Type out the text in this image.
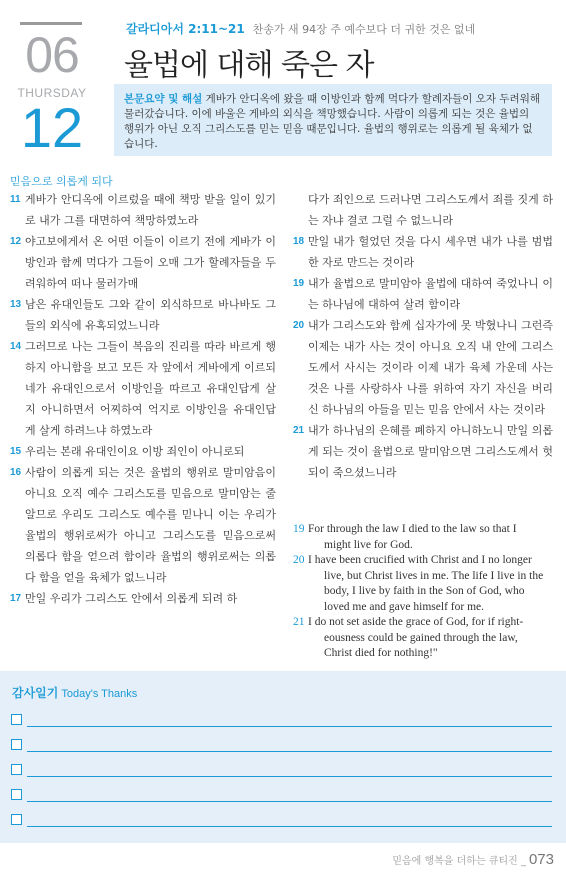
06
THURSDAY
12
갈라디아서 2:11~21 찬송가 새 94장 주 예수보다 더 귀한 것은 없네
율법에 대해 죽은 자
본문요약 및 해설 게바가 안디옥에 왔을 때 이방인과 함께 먹다가 할례자들이 오자 두려워해 물러갔습니다. 이에 바울은 게바의 외식을 책망했습니다. 사람이 의롭게 되는 것은 율법의 행위가 아닌 오직 그리스도를 믿는 믿음 때문입니다. 율법의 행위로는 의롭게 될 육체가 없습니다.
믿음으로 의롭게 되다
11 게바가 안디옥에 이르렀을 때에 책망 받을 일이 있기로 내가 그를 대면하여 책망하였노라
12 야고보에게서 온 어떤 이들이 이르기 전에 게바가 이방인과 함께 먹다가 그들이 오매 그가 할례자들을 두려워하여 떠나 물러가매
13 남은 유대인들도 그와 같이 외식하므로 바나바도 그들의 외식에 유혹되었느니라
14 그러므로 나는 그들이 복음의 진리를 따라 바르게 행하지 아니함을 보고 모든 자 앞에서 게바에게 이르되 네가 유대인으로서 이방인을 따르고 유대인답게 살지 아니하면서 어찌하여 억지로 이방인을 유대인답게 살게 하려느냐 하였노라
15 우리는 본래 유대인이요 이방 죄인이 아니로되
16 사람이 의롭게 되는 것은 율법의 행위로 말미암음이 아니요 오직 예수 그리스도를 믿음으로 말미암는 줄 알므로 우리도 그리스도 예수를 믿나니 이는 우리가 율법의 행위로써가 아니고 그리스도를 믿음으로써 의롭다 함을 얻으려 함이라 율법의 행위로써는 의롭다 함을 얻을 육체가 없느니라
17 만일 우리가 그리스도 안에서 의롭게 되려 하
다가 죄인으로 드러나면 그리스도께서 죄를 짓게 하는 자냐 결코 그럴 수 없느니라
18 만일 내가 헐었던 것을 다시 세우면 내가 나를 범법한 자로 만드는 것이라
19 내가 율법으로 말미암아 율법에 대하여 죽었나니 이는 하나님에 대하여 살려 함이라
20 내가 그리스도와 함께 십자가에 못 박혔나니 그런즉 이제는 내가 사는 것이 아니요 오직 내 안에 그리스도께서 사시는 것이라 이제 내가 육체 가운데 사는 것은 나를 사랑하사 나를 위하여 자기 자신을 버리신 하나님의 아들을 믿는 믿음 안에서 사는 것이라
21 내가 하나님의 은혜를 폐하지 아니하노니 만일 의롭게 되는 것이 율법으로 말미암으면 그리스도께서 헛되이 죽으셨느니라
19 For through the law I died to the law so that I
might live for God.
20 I have been crucified with Christ and I no longer
live, but Christ lives in me. The life I live in the
body, I live by faith in the Son of God, who
loved me and gave himself for me.
21 I do not set aside the grace of God, for if right-
eousness could be gained through the law,
Christ died for nothing!"
감사일기 Today's Thanks
믿음에 행복을 더하는 큐티진 _ 073
